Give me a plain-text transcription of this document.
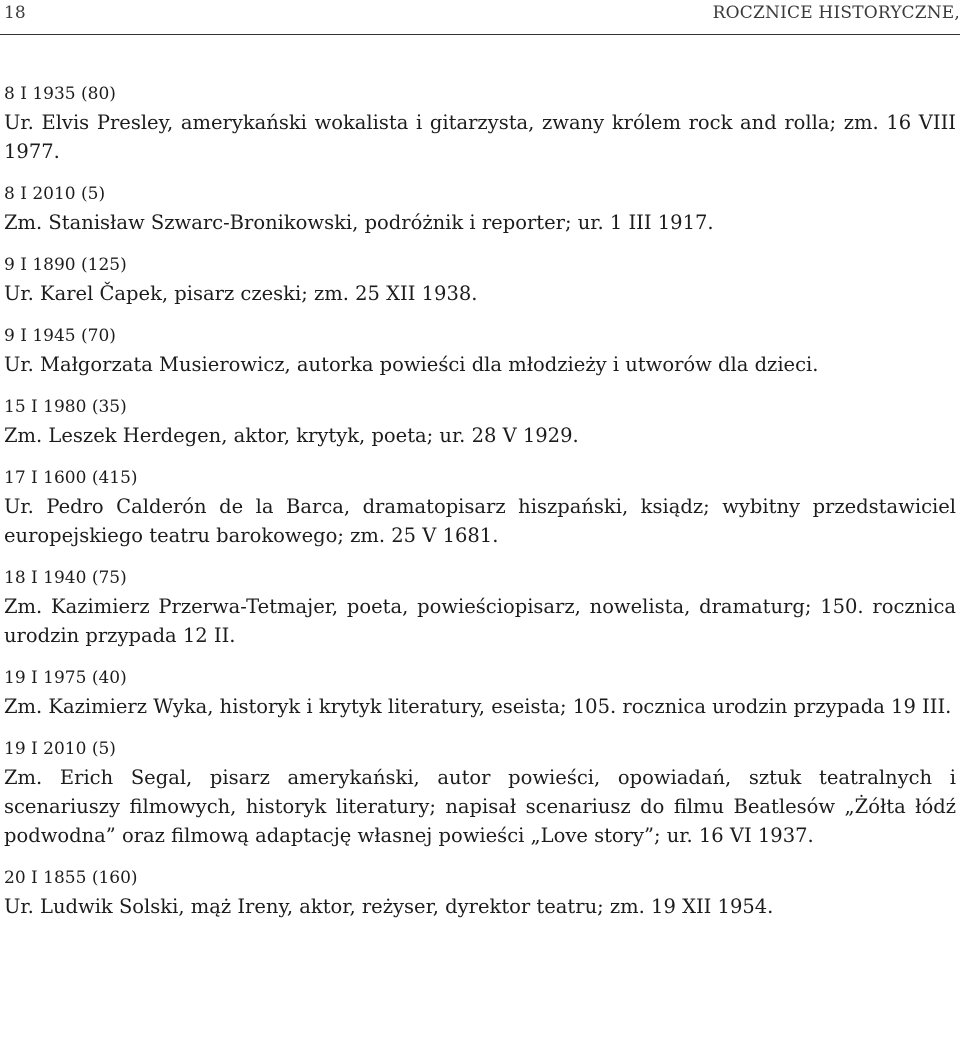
18	ROCZNICE HISTORYCZNE,
8 I 1935 (80)
Ur. Elvis Presley, amerykański wokalista i gitarzysta, zwany królem rock and rolla; zm. 16 VIII 1977.
8 I 2010 (5)
Zm. Stanisław Szwarc-Bronikowski, podróżnik i reporter; ur. 1 III 1917.
9 I 1890 (125)
Ur. Karel Čapek, pisarz czeski; zm. 25 XII 1938.
9 I 1945 (70)
Ur. Małgorzata Musierowicz, autorka powieści dla młodzieży i utworów dla dzieci.
15 I 1980 (35)
Zm. Leszek Herdegen, aktor, krytyk, poeta; ur. 28 V 1929.
17 I 1600 (415)
Ur. Pedro Calderón de la Barca, dramatopisarz hiszpański, ksiądz; wybitny przedstawiciel europejskiego teatru barokowego; zm. 25 V 1681.
18 I 1940 (75)
Zm. Kazimierz Przerwa-Tetmajer, poeta, powieściopisarz, nowelista, dramaturg; 150. rocznica urodzin przypada 12 II.
19 I 1975 (40)
Zm. Kazimierz Wyka, historyk i krytyk literatury, eseista; 105. rocznica urodzin przypada 19 III.
19 I 2010 (5)
Zm. Erich Segal, pisarz amerykański, autor powieści, opowiadań, sztuk teatralnych i scenariuszy filmowych, historyk literatury; napisał scenariusz do filmu Beatlesów „Żółta łódź podwodna” oraz filmową adaptację własnej powieści „Love story”; ur. 16 VI 1937.
20 I 1855 (160)
Ur. Ludwik Solski, mąż Ireny, aktor, reżyser, dyrektor teatru; zm. 19 XII 1954.
